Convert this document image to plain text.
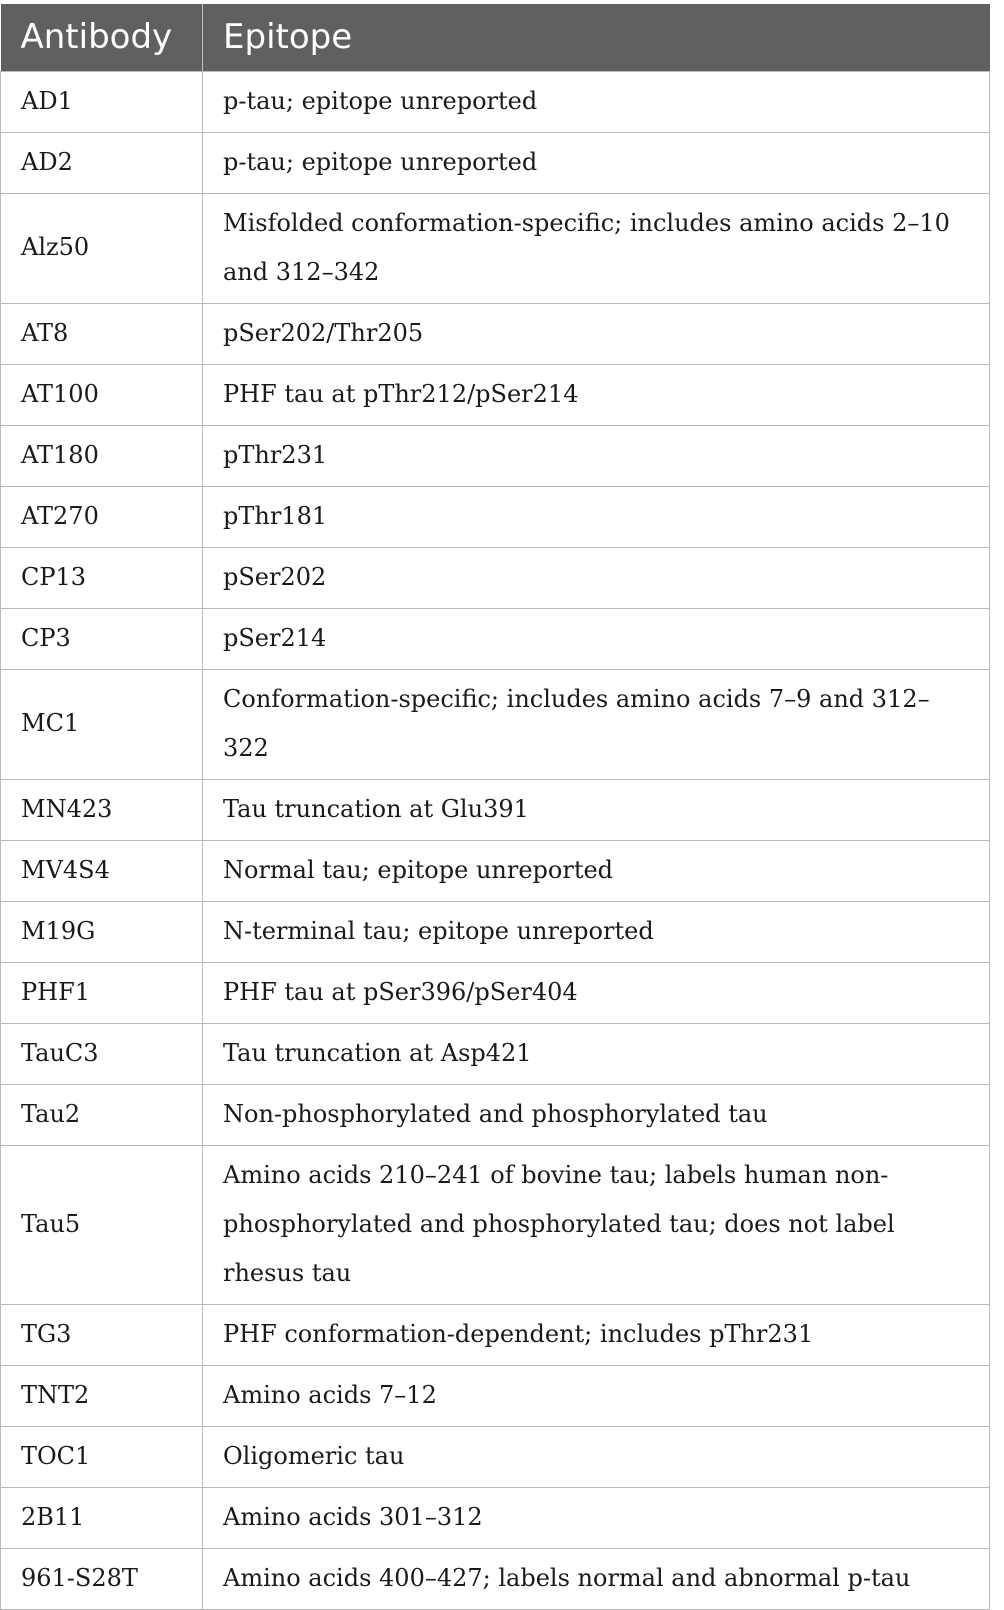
Antibody	Epitope
AD1	p-tau; epitope unreported
AD2	p-tau; epitope unreported
Alz50	Misfolded conformation-specific; includes amino acids 2–10 and 312–342
AT8	pSer202/Thr205
AT100	PHF tau at pThr212/pSer214
AT180	pThr231
AT270	pThr181
CP13	pSer202
CP3	pSer214
MC1	Conformation-specific; includes amino acids 7–9 and 312–322
MN423	Tau truncation at Glu391
MV4S4	Normal tau; epitope unreported
M19G	N-terminal tau; epitope unreported
PHF1	PHF tau at pSer396/pSer404
TauC3	Tau truncation at Asp421
Tau2	Non-phosphorylated and phosphorylated tau
Tau5	Amino acids 210–241 of bovine tau; labels human non-phosphorylated and phosphorylated tau; does not label rhesus tau
TG3	PHF conformation-dependent; includes pThr231
TNT2	Amino acids 7–12
TOC1	Oligomeric tau
2B11	Amino acids 301–312
961-S28T	Amino acids 400–427; labels normal and abnormal p-tau
